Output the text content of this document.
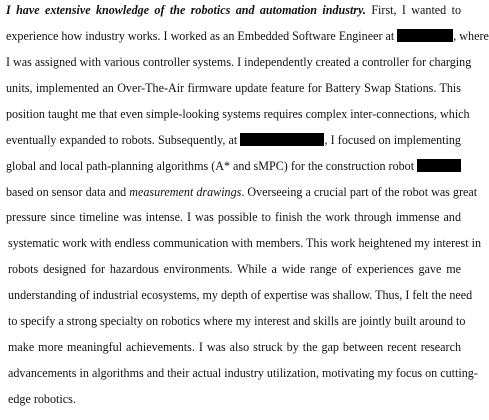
I have extensive knowledge of the robotics and automation industry. First, I wanted to
experience how industry works. I worked as an Embedded Software Engineer at	, where
I was assigned with various controller systems. I independently created a controller for charging
units, implemented an Over-The-Air firmware update feature for Battery Swap Stations. This
position taught me that even simple-looking systems requires complex inter-connections, which
eventually expanded to robots. Subsequently, at	, I focused on implementing
global and local path-planning algorithms (A* and sMPC) for the construction robot
based on sensor data and measurement drawings. Overseeing a crucial part of the robot was great
pressure since timeline was intense. I was possible to finish the work through immense and
systematic work with endless communication with members. This work heightened my interest in
robots designed for hazardous environments. While a wide range of experiences gave me
understanding of industrial ecosystems, my depth of expertise was shallow. Thus, I felt the need
to specify a strong specialty on robotics where my interest and skills are jointly built around to
make more meaningful achievements. I was also struck by the gap between recent research
advancements in algorithms and their actual industry utilization, motivating my focus on cutting-
edge robotics.
